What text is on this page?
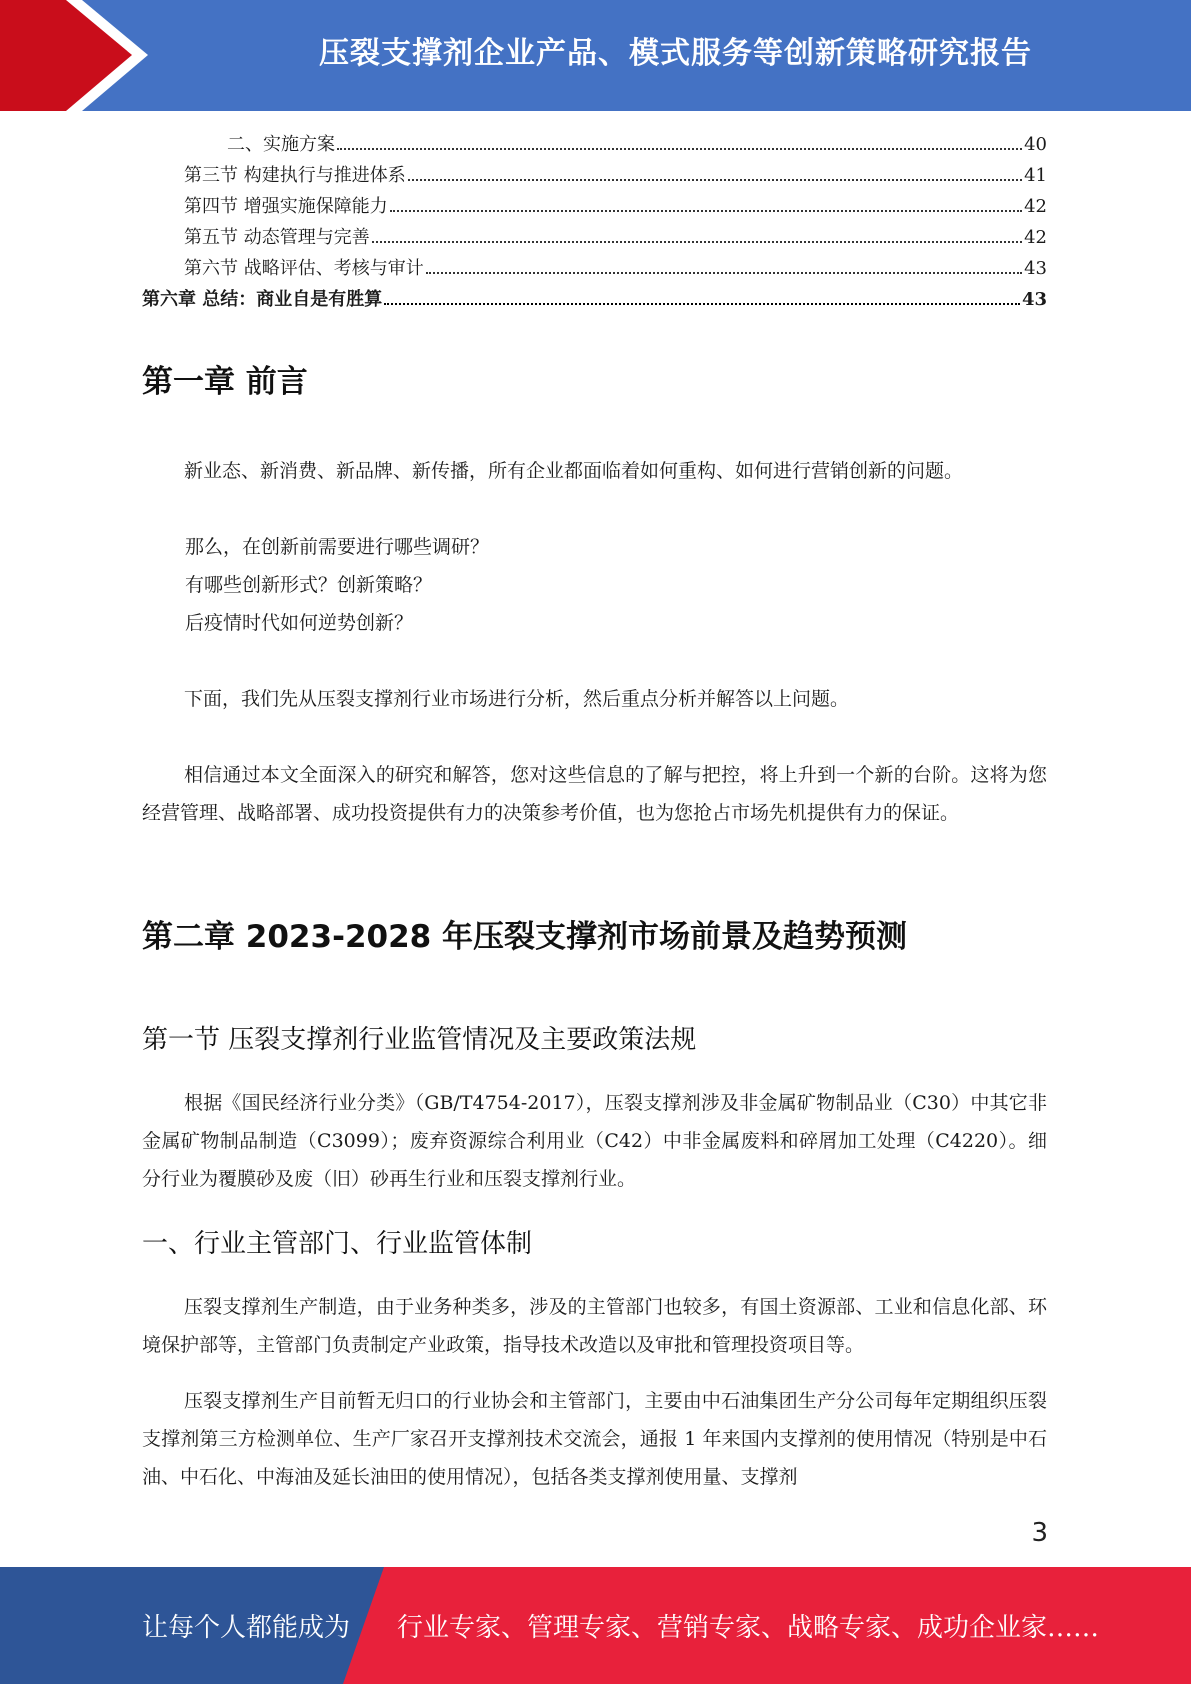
压裂支撑剂企业产品、模式服务等创新策略研究报告
二、实施方案	40
第三节 构建执行与推进体系	41
第四节 增强实施保障能力	42
第五节 动态管理与完善	42
第六节 战略评估、考核与审计	43
第六章 总结：商业自是有胜算	43
第一章 前言
新业态、新消费、新品牌、新传播，所有企业都面临着如何重构、如何进行营销创新的问题。
那么，在创新前需要进行哪些调研？
有哪些创新形式？创新策略？
后疫情时代如何逆势创新？
下面，我们先从压裂支撑剂行业市场进行分析，然后重点分析并解答以上问题。
相信通过本文全面深入的研究和解答，您对这些信息的了解与把控，将上升到一个新的台阶。这将为您经营管理、战略部署、成功投资提供有力的决策参考价值，也为您抢占市场先机提供有力的保证。
第二章 2023-2028 年压裂支撑剂市场前景及趋势预测
第一节 压裂支撑剂行业监管情况及主要政策法规
根据《国民经济行业分类》（GB/T4754-2017），压裂支撑剂涉及非金属矿物制品业（C30）中其它非金属矿物制品制造（C3099）；废弃资源综合利用业（C42）中非金属废料和碎屑加工处理（C4220）。细分行业为覆膜砂及废（旧）砂再生行业和压裂支撑剂行业。
一、行业主管部门、行业监管体制
压裂支撑剂生产制造，由于业务种类多，涉及的主管部门也较多，有国土资源部、工业和信息化部、环境保护部等，主管部门负责制定产业政策，指导技术改造以及审批和管理投资项目等。
压裂支撑剂生产目前暂无归口的行业协会和主管部门，主要由中石油集团生产分公司每年定期组织压裂支撑剂第三方检测单位、生产厂家召开支撑剂技术交流会，通报 1 年来国内支撑剂的使用情况（特别是中石油、中石化、中海油及延长油田的使用情况），包括各类支撑剂使用量、支撑剂
3
让每个人都能成为 行业专家、管理专家、营销专家、战略专家、成功企业家……
